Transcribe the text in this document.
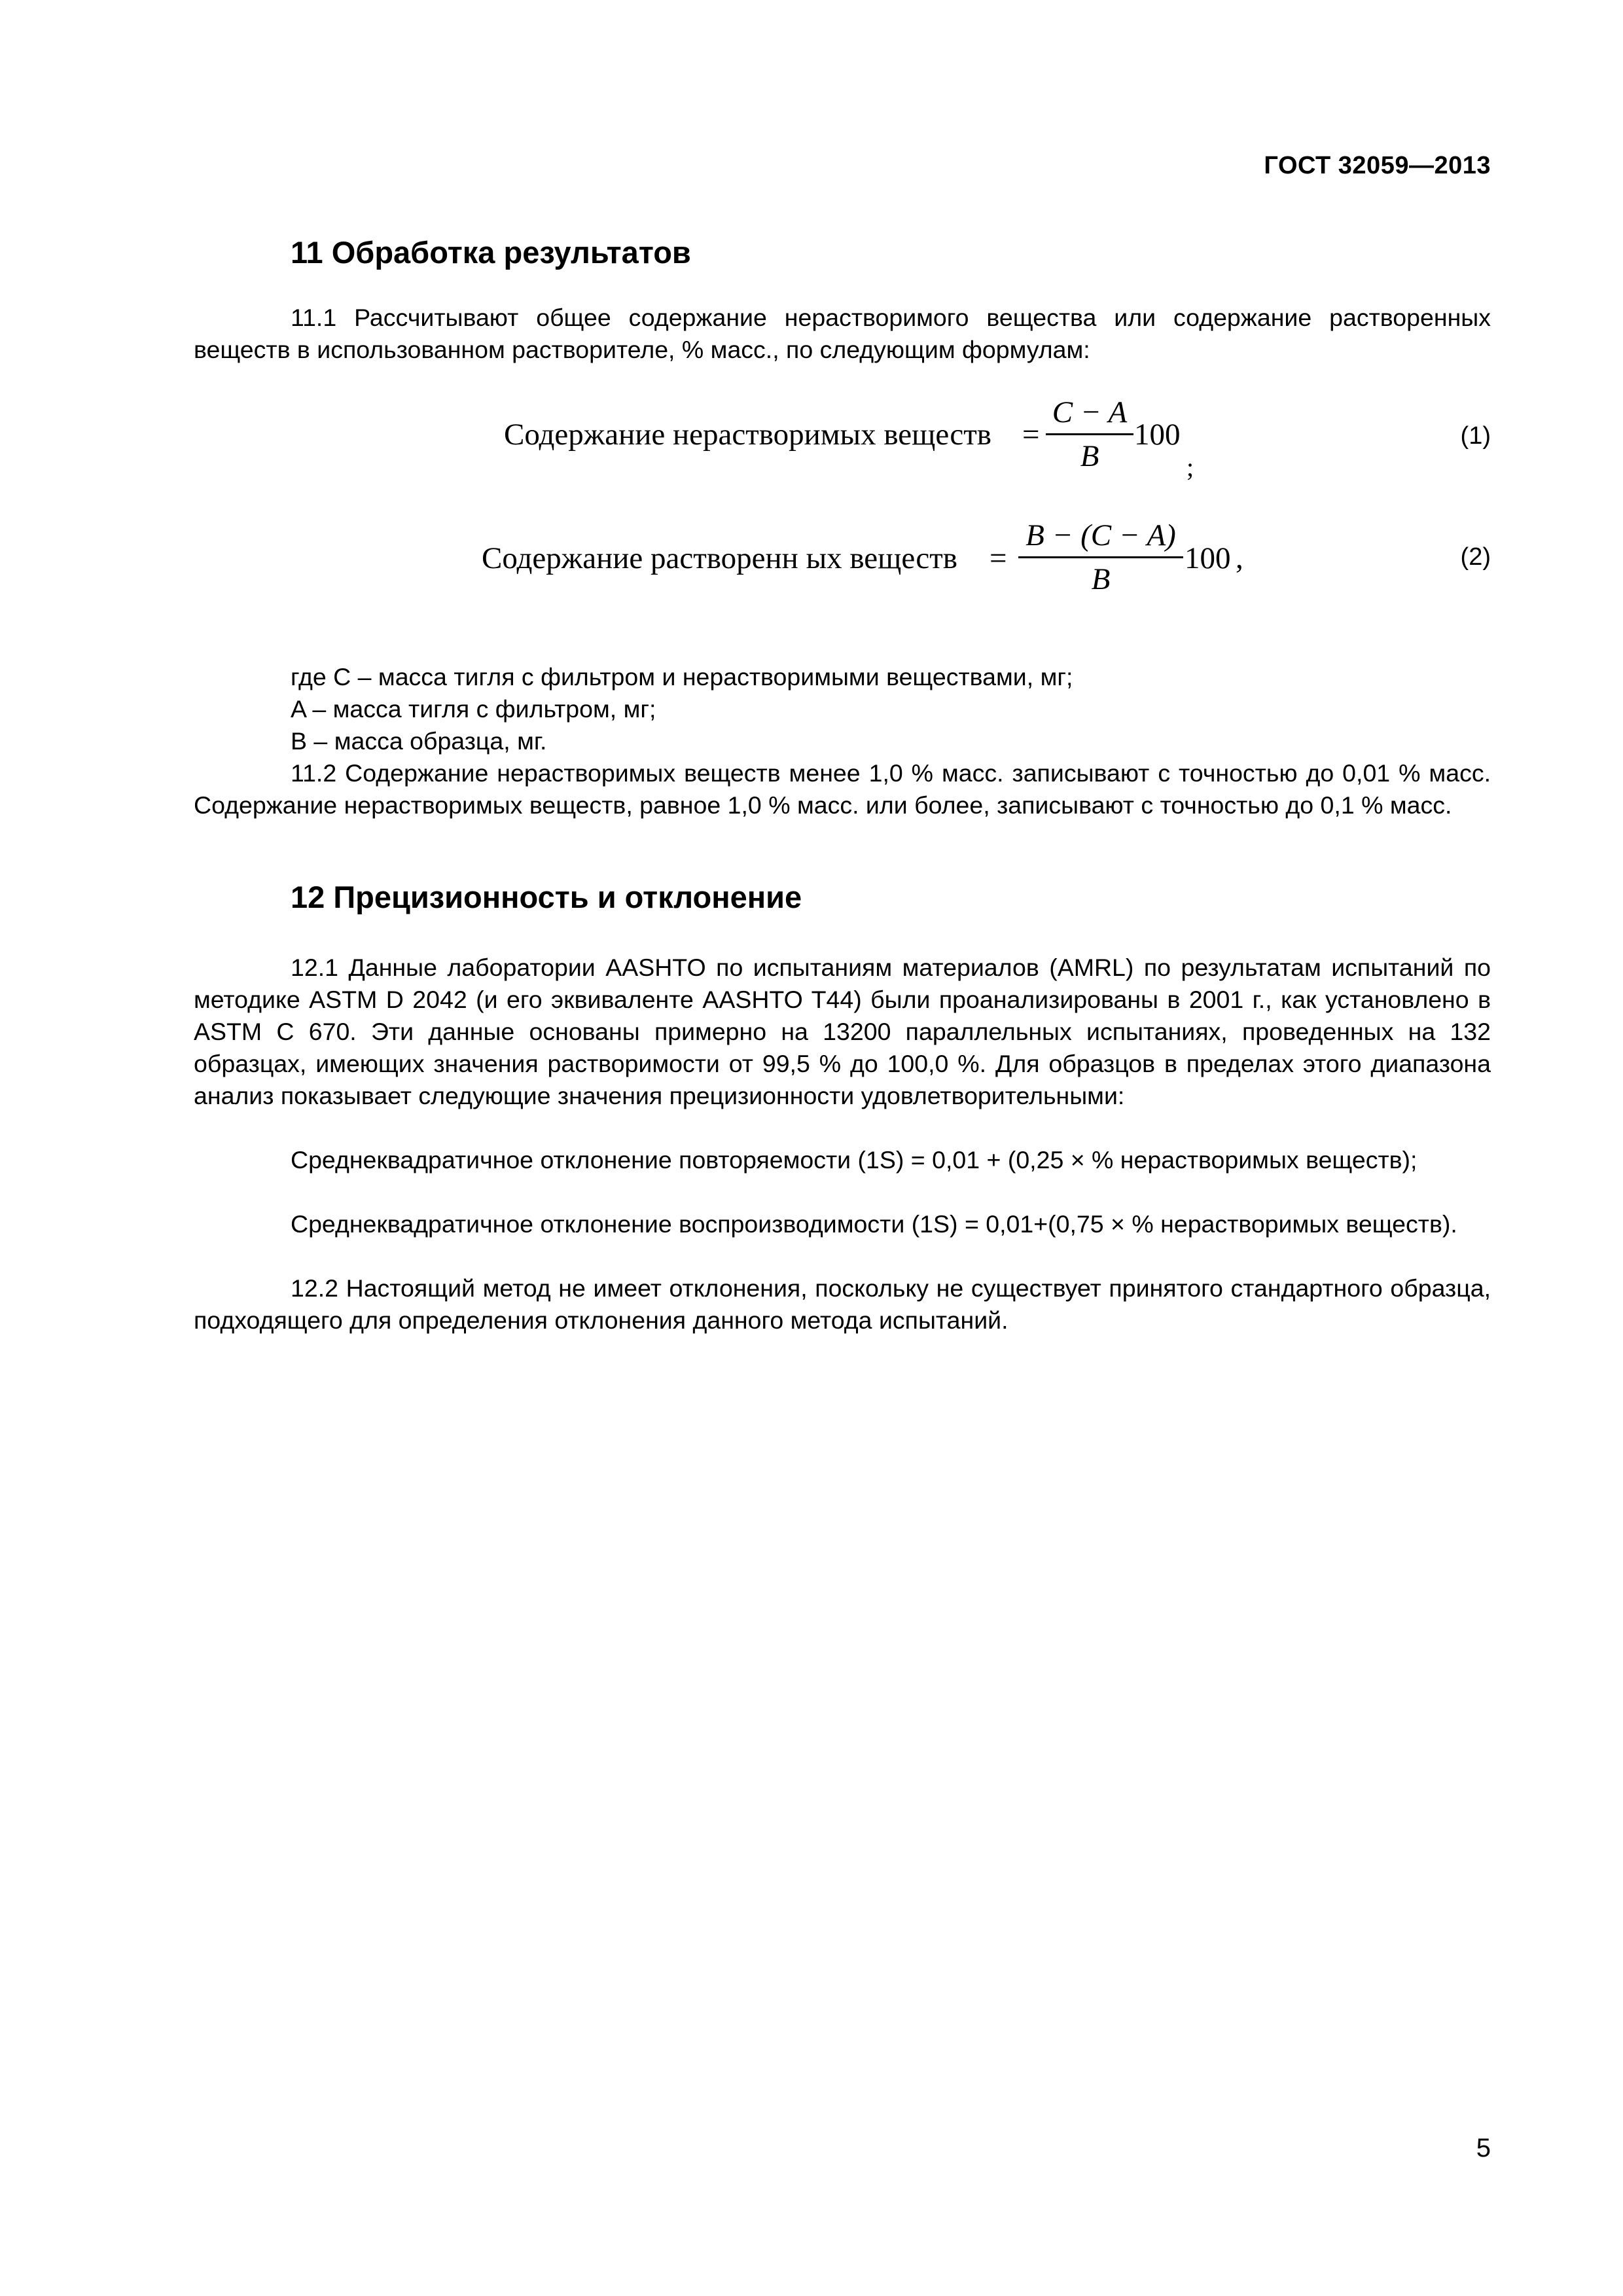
ГОСТ 32059—2013
11 Обработка результатов

11.1 Рассчитывают общее содержание нерастворимого вещества или содержание растворенных веществ в использованном растворителе, % масс., по следующим формулам:

Содержание нерастворимых веществ =
C − A
B
100
;
(1)
Содержание растворенн ых веществ =
B − (C − A)
B
100 ,	(2)
где C – масса тигля с фильтром и нерастворимыми веществами, мг;
A – масса тигля с фильтром, мг;
B – масса образца, мг.

11.2 Содержание нерастворимых веществ менее 1,0 % масс. записывают с точностью до 0,01 % масс. Содержание нерастворимых веществ, равное 1,0 % масс. или более, записывают с точностью до 0,1 % масс.

12 Прецизионность и отклонение

12.1 Данные лаборатории AASHTO по испытаниям материалов (AMRL) по результатам испытаний по методике ASTM D 2042 (и его эквиваленте AASHTO T44) были проанализированы в 2001 г., как установлено в ASTM C 670. Эти данные основаны примерно на 13200 параллельных испытаниях, проведенных на 132 образцах, имеющих значения растворимости от 99,5 % до 100,0 %. Для образцов в пределах этого диапазона анализ показывает следующие значения прецизионности удовлетворительными:

Среднеквадратичное отклонение повторяемости (1S) = 0,01 + (0,25 × % нерастворимых веществ);

Среднеквадратичное отклонение воспроизводимости (1S) = 0,01+(0,75 × % нерастворимых веществ).

12.2 Настоящий метод не имеет отклонения, поскольку не существует принятого стандартного образца, подходящего для определения отклонения данного метода испытаний.

5
